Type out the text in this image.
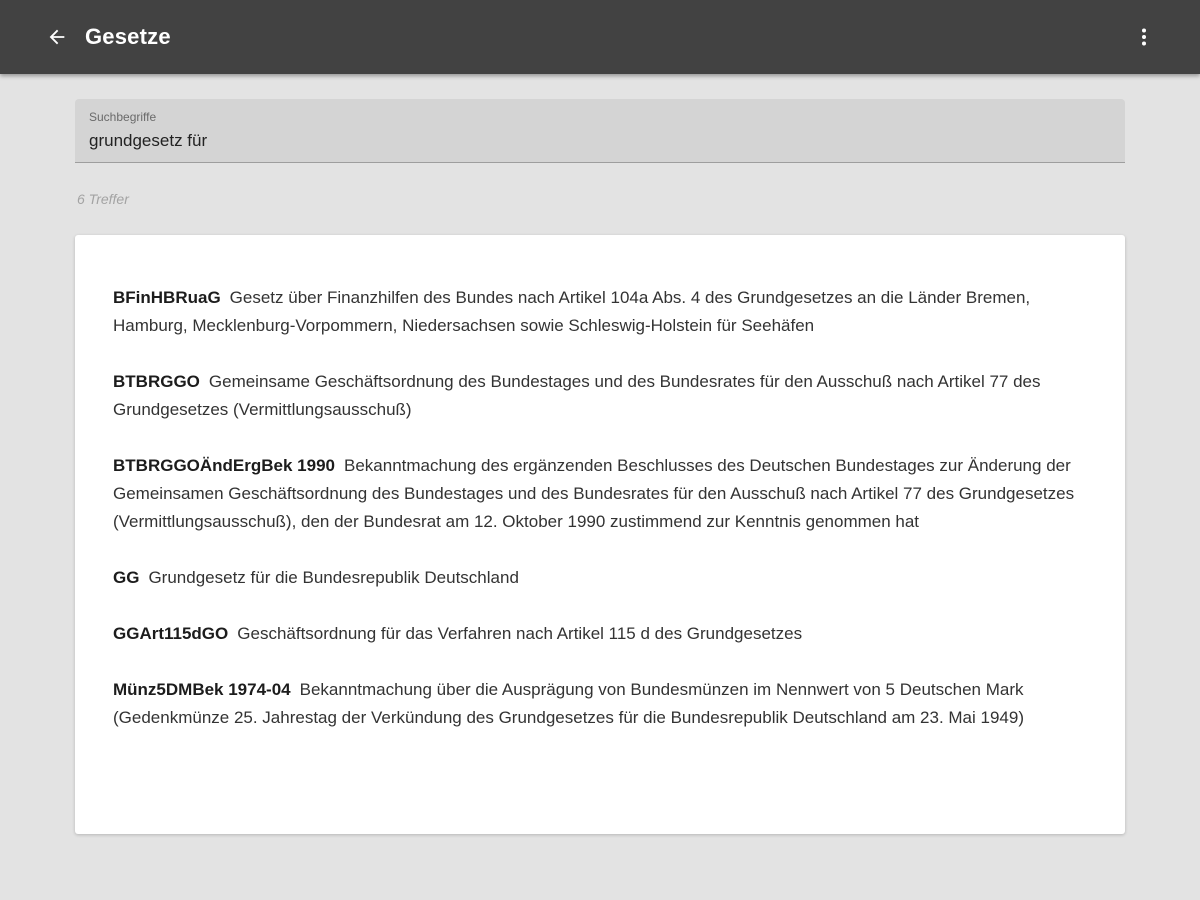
Gesetze
Suchbegriffe
grundgesetz für
6 Treffer
BFinHBRuaG Gesetz über Finanzhilfen des Bundes nach Artikel 104a Abs. 4 des Grundgesetzes an die Länder Bremen, Hamburg, Mecklenburg-Vorpommern, Niedersachsen sowie Schleswig-Holstein für Seehäfen
BTBRGGO Gemeinsame Geschäftsordnung des Bundestages und des Bundesrates für den Ausschuß nach Artikel 77 des Grundgesetzes (Vermittlungsausschuß)
BTBRGGOÄndErgBek 1990 Bekanntmachung des ergänzenden Beschlusses des Deutschen Bundestages zur Änderung der Gemeinsamen Geschäftsordnung des Bundestages und des Bundesrates für den Ausschuß nach Artikel 77 des Grundgesetzes (Vermittlungsausschuß), den der Bundesrat am 12. Oktober 1990 zustimmend zur Kenntnis genommen hat
GG Grundgesetz für die Bundesrepublik Deutschland
GGArt115dGO Geschäftsordnung für das Verfahren nach Artikel 115 d des Grundgesetzes
Münz5DMBek 1974-04 Bekanntmachung über die Ausprägung von Bundesmünzen im Nennwert von 5 Deutschen Mark (Gedenkmünze 25. Jahrestag der Verkündung des Grundgesetzes für die Bundesrepublik Deutschland am 23. Mai 1949)
